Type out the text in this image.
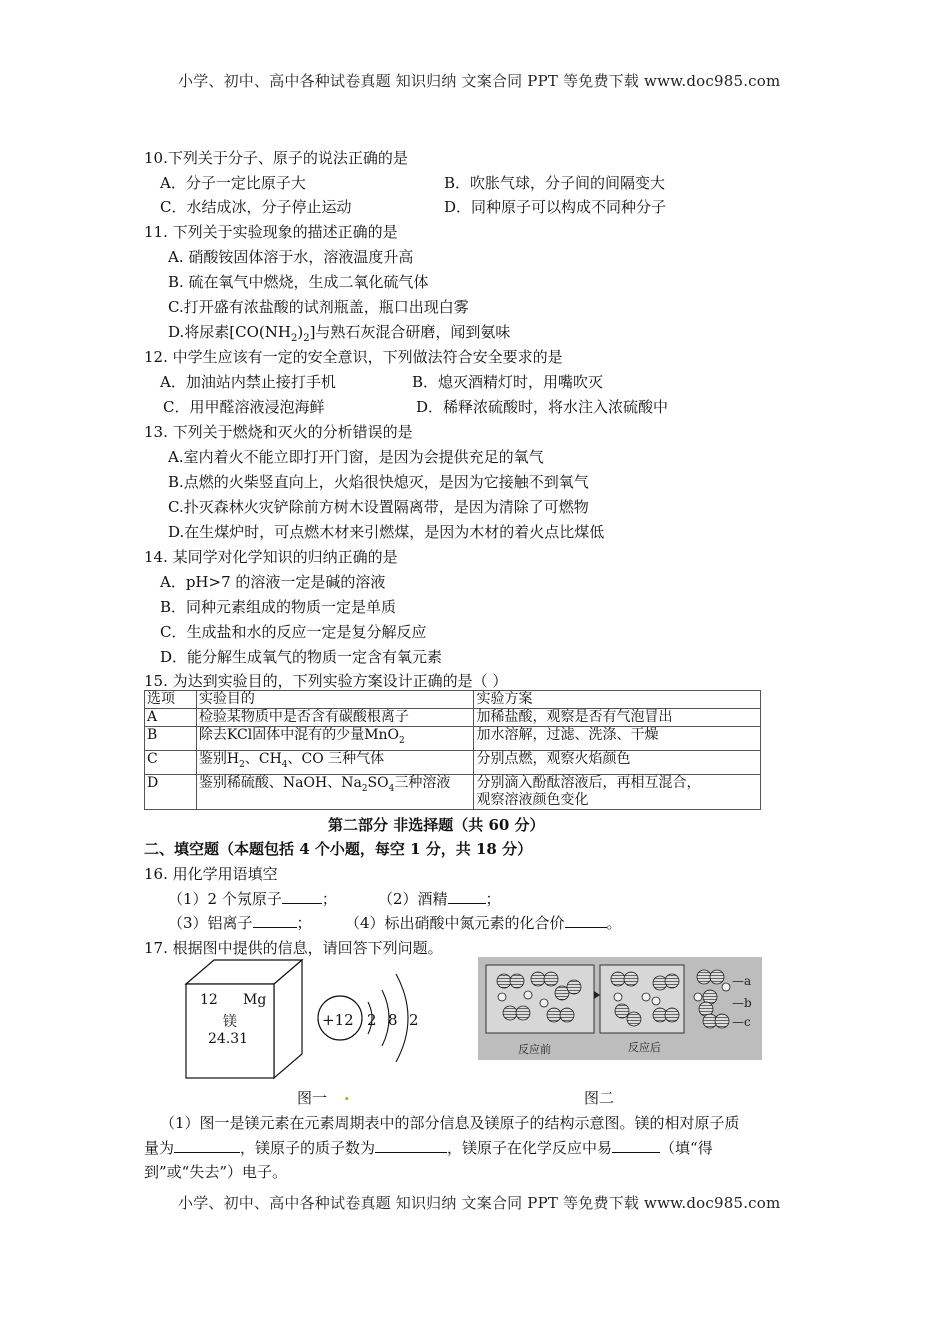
小学、初中、高中各种试卷真题 知识归纳 文案合同 PPT 等免费下载 www.doc985.com
10.下列关于分子、原子的说法正确的是
A．分子一定比原子大	B．吹胀气球，分子间的间隔变大
C．水结成冰，分子停止运动	D．同种原子可以构成不同种分子
11. 下列关于实验现象的描述正确的是
A. 硝酸铵固体溶于水，溶液温度升高
B. 硫在氧气中燃烧，生成二氧化硫气体
C.打开盛有浓盐酸的试剂瓶盖，瓶口出现白雾
D.将尿素$[CO(NH_2)_2]$与熟石灰混合研磨，闻到氨味
12. 中学生应该有一定的安全意识，下列做法符合安全要求的是
A．加油站内禁止接打手机	B．熄灭酒精灯时，用嘴吹灭
C．用甲醛溶液浸泡海鲜	D．稀释浓硫酸时，将水注入浓硫酸中
13. 下列关于燃烧和灭火的分析错误的是
A.室内着火不能立即打开门窗，是因为会提供充足的氧气
B.点燃的火柴竖直向上，火焰很快熄灭，是因为它接触不到氧气
C.扑灭森林火灾铲除前方树木设置隔离带，是因为清除了可燃物
D.在生煤炉时，可点燃木材来引燃煤，是因为木材的着火点比煤低
14. 某同学对化学知识的归纳正确的是
A．pH>7 的溶液一定是碱的溶液
B．同种元素组成的物质一定是单质
C．生成盐和水的反应一定是复分解反应
D．能分解生成氧气的物质一定含有氧元素
15. 为达到实验目的，下列实验方案设计正确的是（ ）
选项	实验目的	实验方案
A	检验某物质中是否含有碳酸根离子	加稀盐酸，观察是否有气泡冒出
B	除去KCl固体中混有的少量MnO$_2$	加水溶解，过滤、洗涤、干燥
C	鉴别$H_2$、$CH_4$、CO 三种气体	分别点燃，观察火焰颜色
D	鉴别稀硫酸、NaOH、$Na_2SO_4$三种溶液	分别滴入酚酞溶液后，再相互混合，
观察溶液颜色变化
第二部分 非选择题（共 60 分）
二、填空题（本题包括 4 个小题，每空 1 分，共 18 分）
16. 用化学用语填空
（1）2 个氖原子	；	（2）酒精	；
（3）铝离子	； （4）标出硝酸中氮元素的化合价	。
17. 根据图中提供的信息，请回答下列问题。
12 Mg
镁
24.31
+12 2 8 2
—a
—b
—c
反应前	反应后
图一 .	图二
（1）图一是镁元素在元素周期表中的部分信息及镁原子的结构示意图。镁的相对原子质
量为	，镁原子的质子数为	，镁原子在化学反应中易	（填“得
到”或“失去”）电子。
小学、初中、高中各种试卷真题 知识归纳 文案合同 PPT 等免费下载 www.doc985.com
